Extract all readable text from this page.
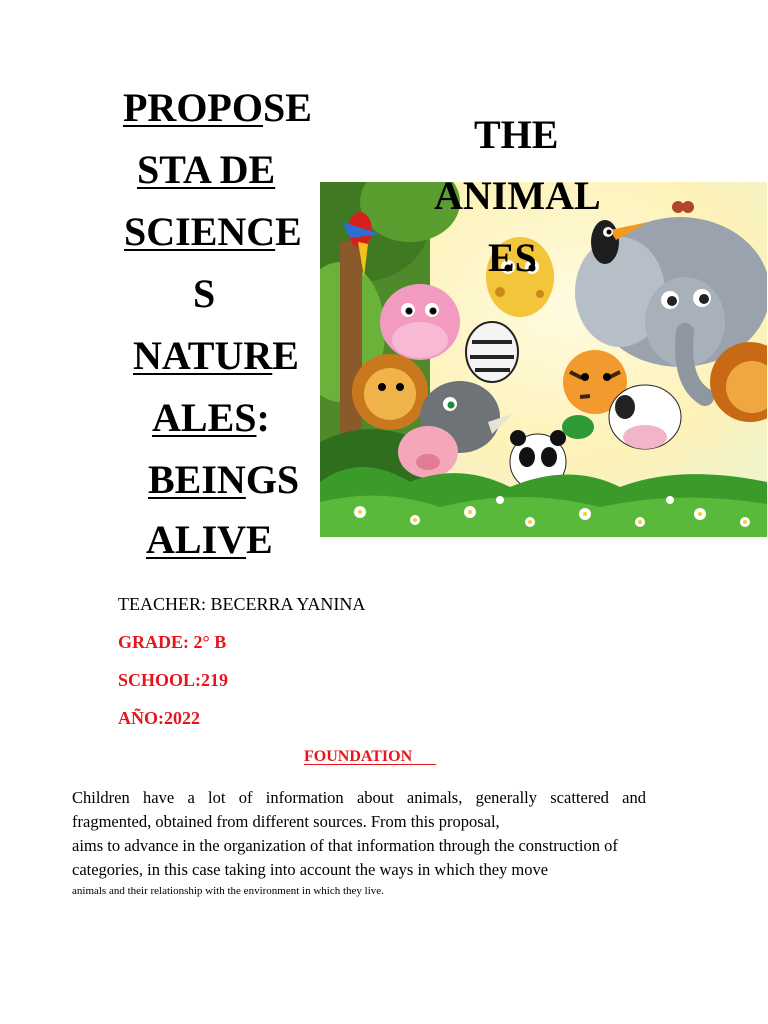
PROPOSE
STA DE
SCIENCE
S
NATURE
ALES:
BEINGS
ALIVE
THE
ANIMAL
ES
TEACHER: BECERRA YANINA
GRADE: 2° B
SCHOOL:219
AÑO:2022
FOUNDATION
Children have a lot of information about animals, generally scattered and
fragmented, obtained from different sources. From this proposal,
aims to advance in the organization of that information through the construction of
categories, in this case taking into account the ways in which they move
animals and their relationship with the environment in which they live.
